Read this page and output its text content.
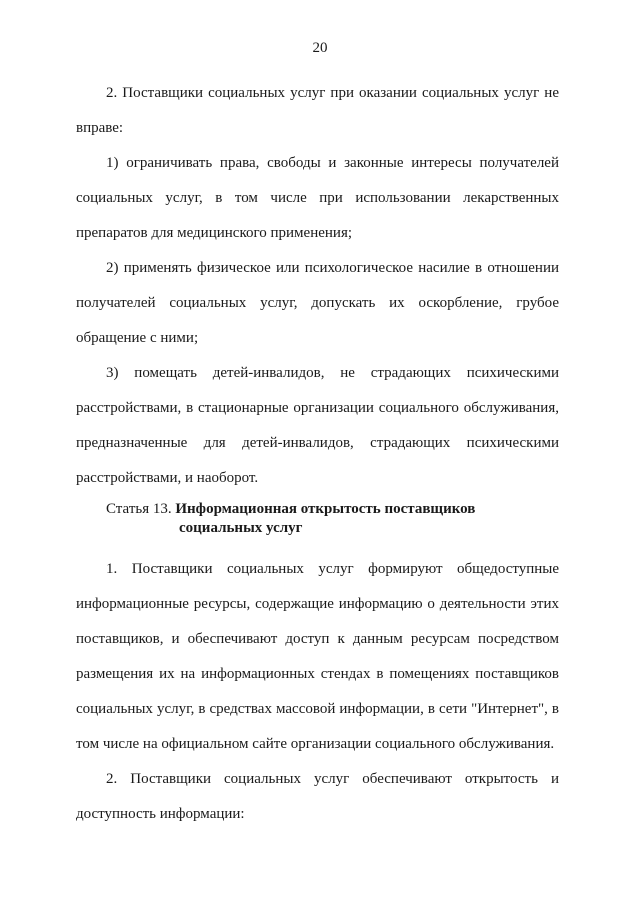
20

2. Поставщики социальных услуг при оказании социальных услуг не вправе:

1) ограничивать права, свободы и законные интересы получателей социальных услуг, в том числе при использовании лекарственных препаратов для медицинского применения;

2) применять физическое или психологическое насилие в отношении получателей социальных услуг, допускать их оскорбление, грубое обращение с ними;

3) помещать детей-инвалидов, не страдающих психическими расстройствами, в стационарные организации социального обслуживания, предназначенные для детей-инвалидов, страдающих психическими расстройствами, и наоборот.

Статья 13. Информационная открытость поставщиков
социальных услуг

1. Поставщики социальных услуг формируют общедоступные информационные ресурсы, содержащие информацию о деятельности этих поставщиков, и обеспечивают доступ к данным ресурсам посредством размещения их на информационных стендах в помещениях поставщиков социальных услуг, в средствах массовой информации, в сети "Интернет", в том числе на официальном сайте организации социального обслуживания.

2. Поставщики социальных услуг обеспечивают открытость и доступность информации:
